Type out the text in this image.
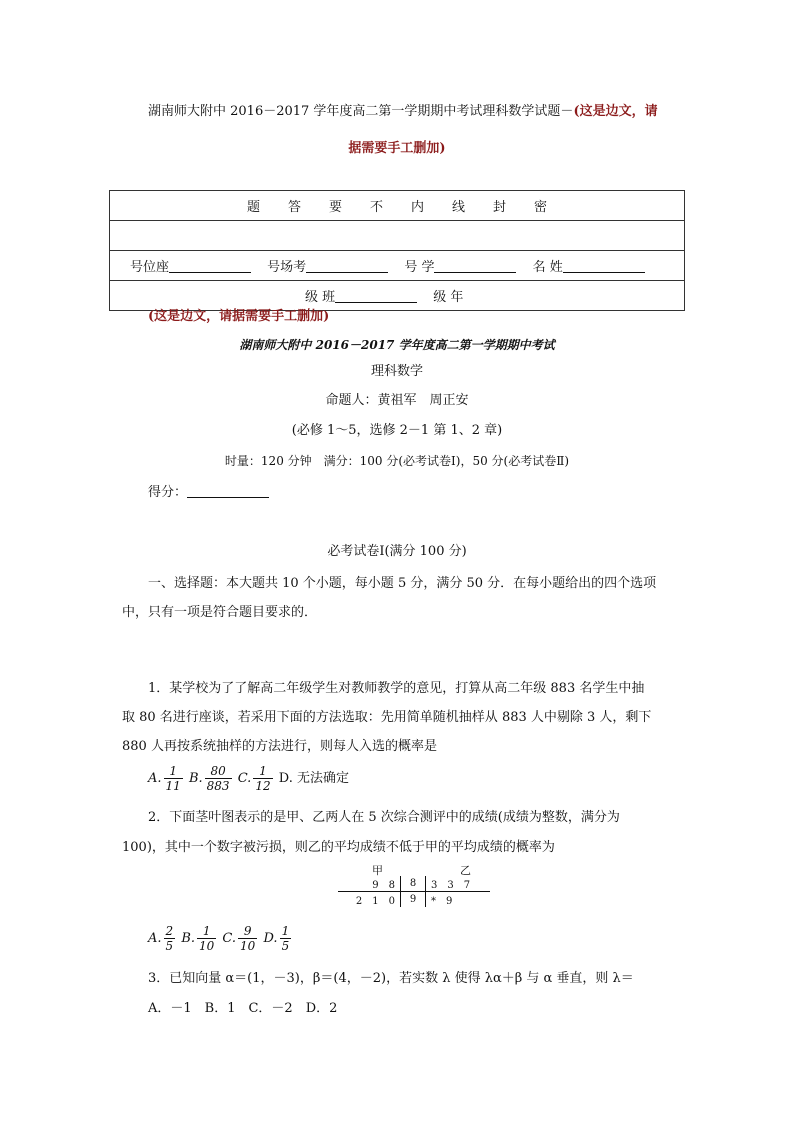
湖南师大附中 2016－2017 学年度高二第一学期期中考试理科数学试题－(这是边文，请
据需要手工删加)
题 答 要 不 内 线 封 密

号位座	号场考	号 学	名 姓
级 班	级 年
(这是边文，请据需要手工删加)
湖南师大附中 2016－2017 学年度高二第一学期期中考试
理科数学
命题人：黄祖军　周正安
(必修 1～5，选修 2－1 第 1、2 章)
时量：120 分钟　满分：100 分(必考试卷Ⅰ)，50 分(必考试卷Ⅱ)
得分：
必考试卷Ⅰ(满分 100 分)
一、选择题：本大题共 10 个小题，每小题 5 分，满分 50 分．在每小题给出的四个选项
中，只有一项是符合题目要求的．
1．某学校为了了解高二年级学生对教师教学的意见，打算从高二年级 883 名学生中抽
取 80 名进行座谈，若采用下面的方法选取：先用简单随机抽样从 883 人中剔除 3 人，剩下
880 人再按系统抽样的方法进行，则每人入选的概率是
A. $\frac{1}{11} B$. $\frac{80}{883} C$. $\frac{1}{12} D$. 无法确定
2．下面茎叶图表示的是甲、乙两人在 5 次综合测评中的成绩(成绩为整数，满分为
100)，其中一个数字被污损，则乙的平均成绩不低于甲的平均成绩的概率为
甲	乙
9　8	8	3　3　7
2　1　0	9	*　9
A. $\frac{2}{5} B$. $\frac{1}{10} C$. $\frac{9}{10} D$. $\frac{1}{5}$
3．已知向量 α＝(1，－3)，β＝(4，－2)，若实数 λ 使得 λα＋β 与 α 垂直，则 λ＝
A．－1　B．1　C．－2　D．2
